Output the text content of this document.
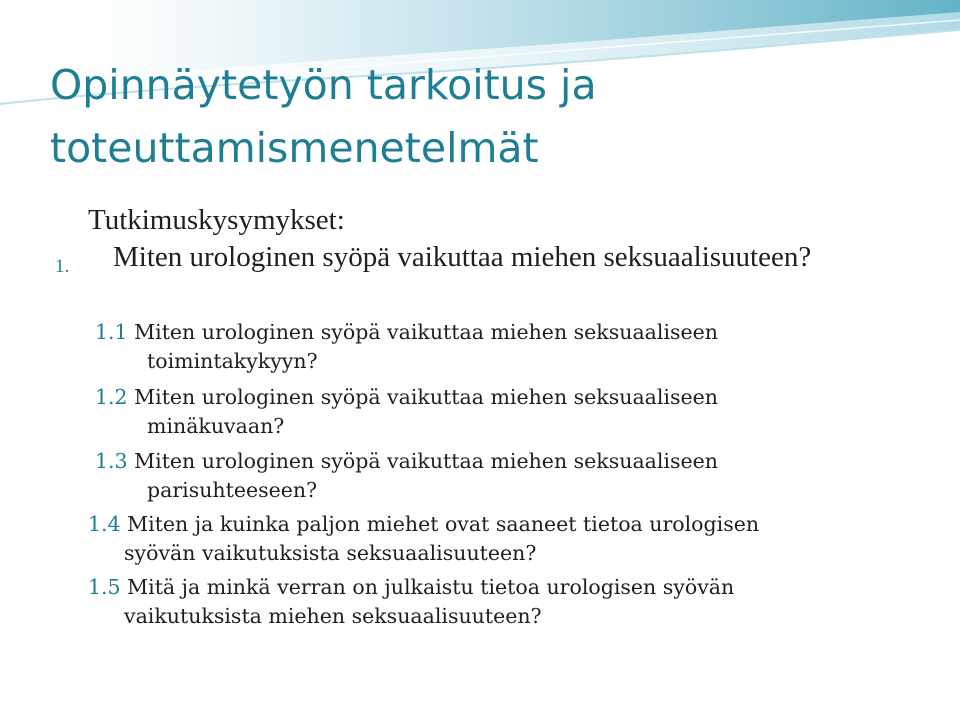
Opinnäytetyön tarkoitus ja toteuttamismenetelmät

Tutkimuskysymykset:

1. Miten urologinen syöpä vaikuttaa miehen seksuaalisuuteen?
1.1 Miten urologinen syöpä vaikuttaa miehen seksuaaliseen
toimintakykyyn?
1.2 Miten urologinen syöpä vaikuttaa miehen seksuaaliseen
minäkuvaan?
1.3 Miten urologinen syöpä vaikuttaa miehen seksuaaliseen
parisuhteeseen?
1.4 Miten ja kuinka paljon miehet ovat saaneet tietoa urologisen
syövän vaikutuksista seksuaalisuuteen?
1.5 Mitä ja minkä verran on julkaistu tietoa urologisen syövän
vaikutuksista miehen seksuaalisuuteen?
